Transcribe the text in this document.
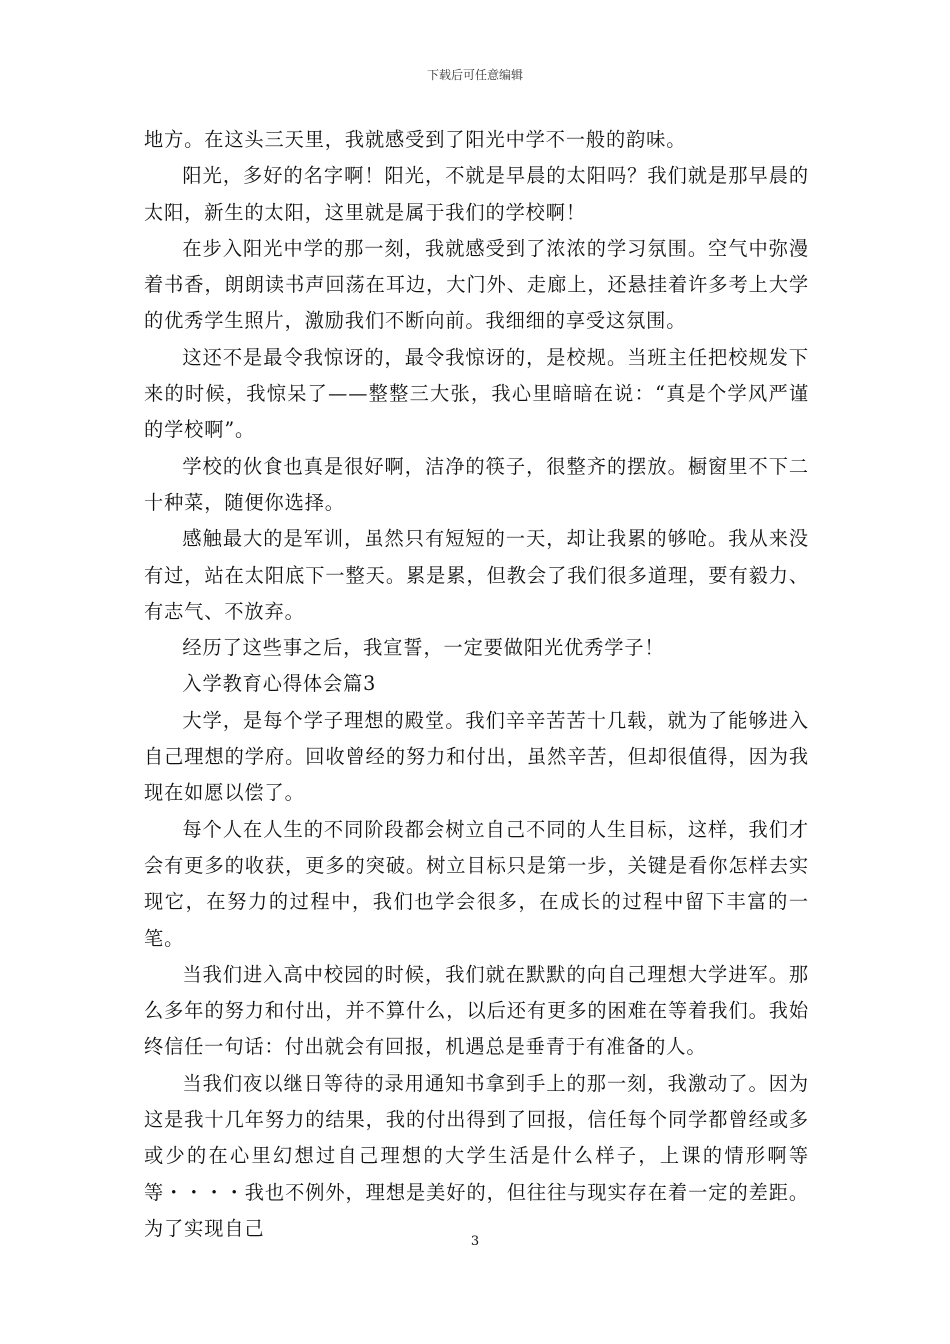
下载后可任意编辑

地方。在这头三天里，我就感受到了阳光中学不一般的韵味。

阳光，多好的名字啊！阳光，不就是早晨的太阳吗？我们就是那早晨的太阳，新生的太阳，这里就是属于我们的学校啊！

在步入阳光中学的那一刻，我就感受到了浓浓的学习氛围。空气中弥漫着书香，朗朗读书声回荡在耳边，大门外、走廊上，还悬挂着许多考上大学的优秀学生照片，激励我们不断向前。我细细的享受这氛围。

这还不是最令我惊讶的，最令我惊讶的，是校规。当班主任把校规发下来的时候，我惊呆了——整整三大张，我心里暗暗在说：“真是个学风严谨的学校啊”。

学校的伙食也真是很好啊，洁净的筷子，很整齐的摆放。橱窗里不下二十种菜，随便你选择。

感触最大的是军训，虽然只有短短的一天，却让我累的够呛。我从来没有过，站在太阳底下一整天。累是累，但教会了我们很多道理，要有毅力、有志气、不放弃。

经历了这些事之后，我宣誓，一定要做阳光优秀学子！

入学教育心得体会篇3

大学，是每个学子理想的殿堂。我们辛辛苦苦十几载，就为了能够进入自己理想的学府。回收曾经的努力和付出，虽然辛苦，但却很值得，因为我现在如愿以偿了。

每个人在人生的不同阶段都会树立自己不同的人生目标，这样，我们才会有更多的收获，更多的突破。树立目标只是第一步，关键是看你怎样去实现它，在努力的过程中，我们也学会很多，在成长的过程中留下丰富的一笔。

当我们进入高中校园的时候，我们就在默默的向自己理想大学进军。那么多年的努力和付出，并不算什么，以后还有更多的困难在等着我们。我始终信任一句话：付出就会有回报，机遇总是垂青于有准备的人。

当我们夜以继日等待的录用通知书拿到手上的那一刻，我激动了。因为这是我十几年努力的结果，我的付出得到了回报，信任每个同学都曾经或多或少的在心里幻想过自己理想的大学生活是什么样子，上课的情形啊等等・・・・我也不例外，理想是美好的，但往往与现实存在着一定的差距。为了实现自己

3
